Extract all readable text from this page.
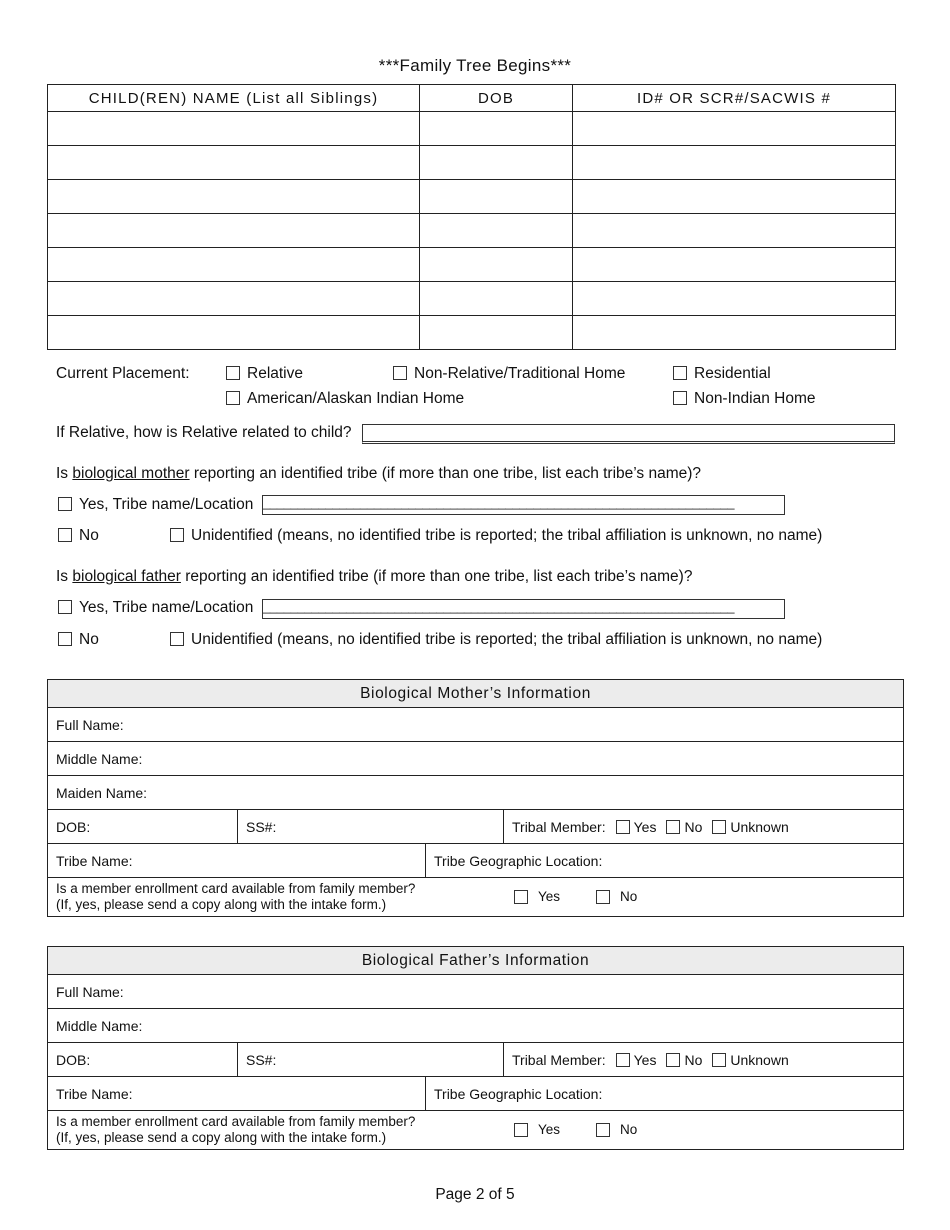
***Family Tree Begins***
CHILD(REN) NAME (List all Siblings)	DOB	ID# OR SCR#/SACWIS #

Current Placement:	Relative	Non-Relative/Traditional Home	Residential
American/Alaskan Indian Home	Non-Indian Home
If Relative, how is Relative related to child?
Is biological mother reporting an identified tribe (if more than one tribe, list each tribe’s name)?
Yes, Tribe name/Location ____________________________________________________________________
No	Unidentified (means, no identified tribe is reported; the tribal affiliation is unknown, no name)
Is biological father reporting an identified tribe (if more than one tribe, list each tribe’s name)?
Yes, Tribe name/Location ____________________________________________________________________
No	Unidentified (means, no identified tribe is reported; the tribal affiliation is unknown, no name)
Biological Mother’s Information			
Full Name:			
Middle Name:			
Maiden Name:			
DOB:	SS#:		Tribal Member: Yes No Unknown
Tribe Name:		Tribe Geographic Location:	

Is a member enrollment card available from family member?
(If, yes, please send a copy along with the intake form.)
Yes No			
Biological Father’s Information			
Full Name:			
Middle Name:			
DOB:	SS#:		Tribal Member: Yes No Unknown
Tribe Name:		Tribe Geographic Location:	

Is a member enrollment card available from family member?
(If, yes, please send a copy along with the intake form.)
Yes No			
Page 2 of 5
